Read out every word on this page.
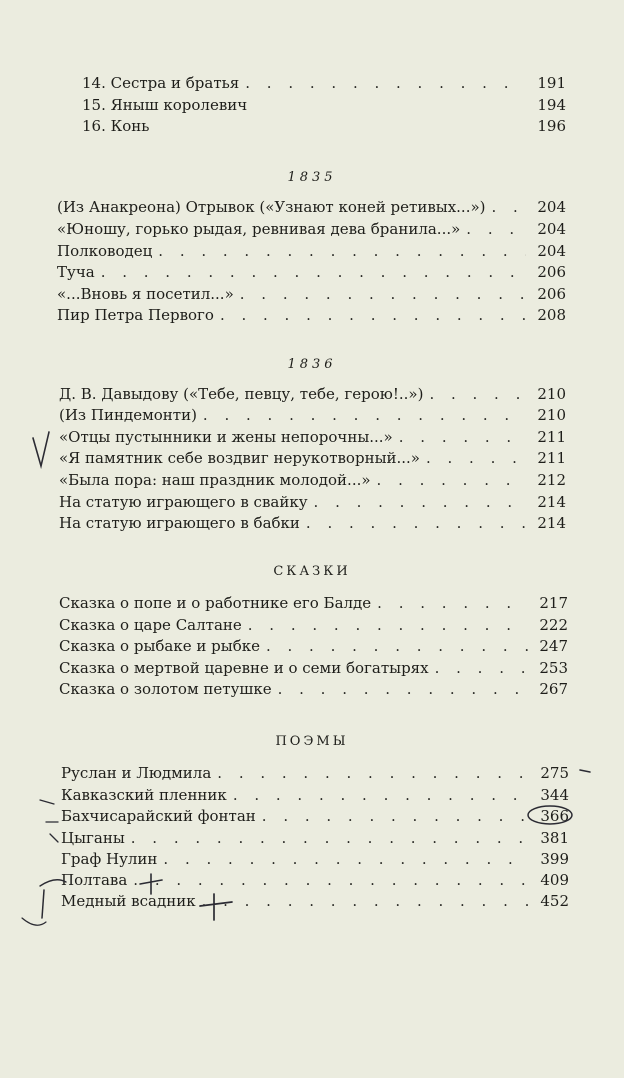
14. Сестра и братья . . .	191
15. Яныш королевич	194
16. Конь	196
1835
(Из Анакреона) Отрывок («Узнают коней ретивых...») . . .	204
«Юношу, горько рыдая, ревнивая дева бранила...» . . .	204
Полководец . . .	204
Туча . . .	206
«...Вновь я посетил...» . . .	206
Пир Петра Первого . . .	208
1836
Д. В. Давыдову («Тебе, певцу, тебе, герою!..») . . .	210
(Из Пиндемонти) . . .	210
«Отцы пустынники и жены непорочны...» . . .	211
«Я памятник себе воздвиг нерукотворный...» . . .	211
«Была пора: наш праздник молодой...» . . .	212
На статую играющего в свайку . . .	214
На статую играющего в бабки . . .	214
СКАЗКИ
Сказка о попе и о работнике его Балде . . .	217
Сказка о царе Салтане . . .	222
Сказка о рыбаке и рыбке . . .	247
Сказка о мертвой царевне и о семи богатырях . . .	253
Сказка о золотом петушке . . .	267
ПОЭМЫ
Руслан и Людмила . . .	275
Кавказский пленник . . .	344
Бахчисарайский фонтан . . .	366
Цыганы . . .	381
Граф Нулин . . .	399
Полтава . . .	409
Медный всадник . . .	452
